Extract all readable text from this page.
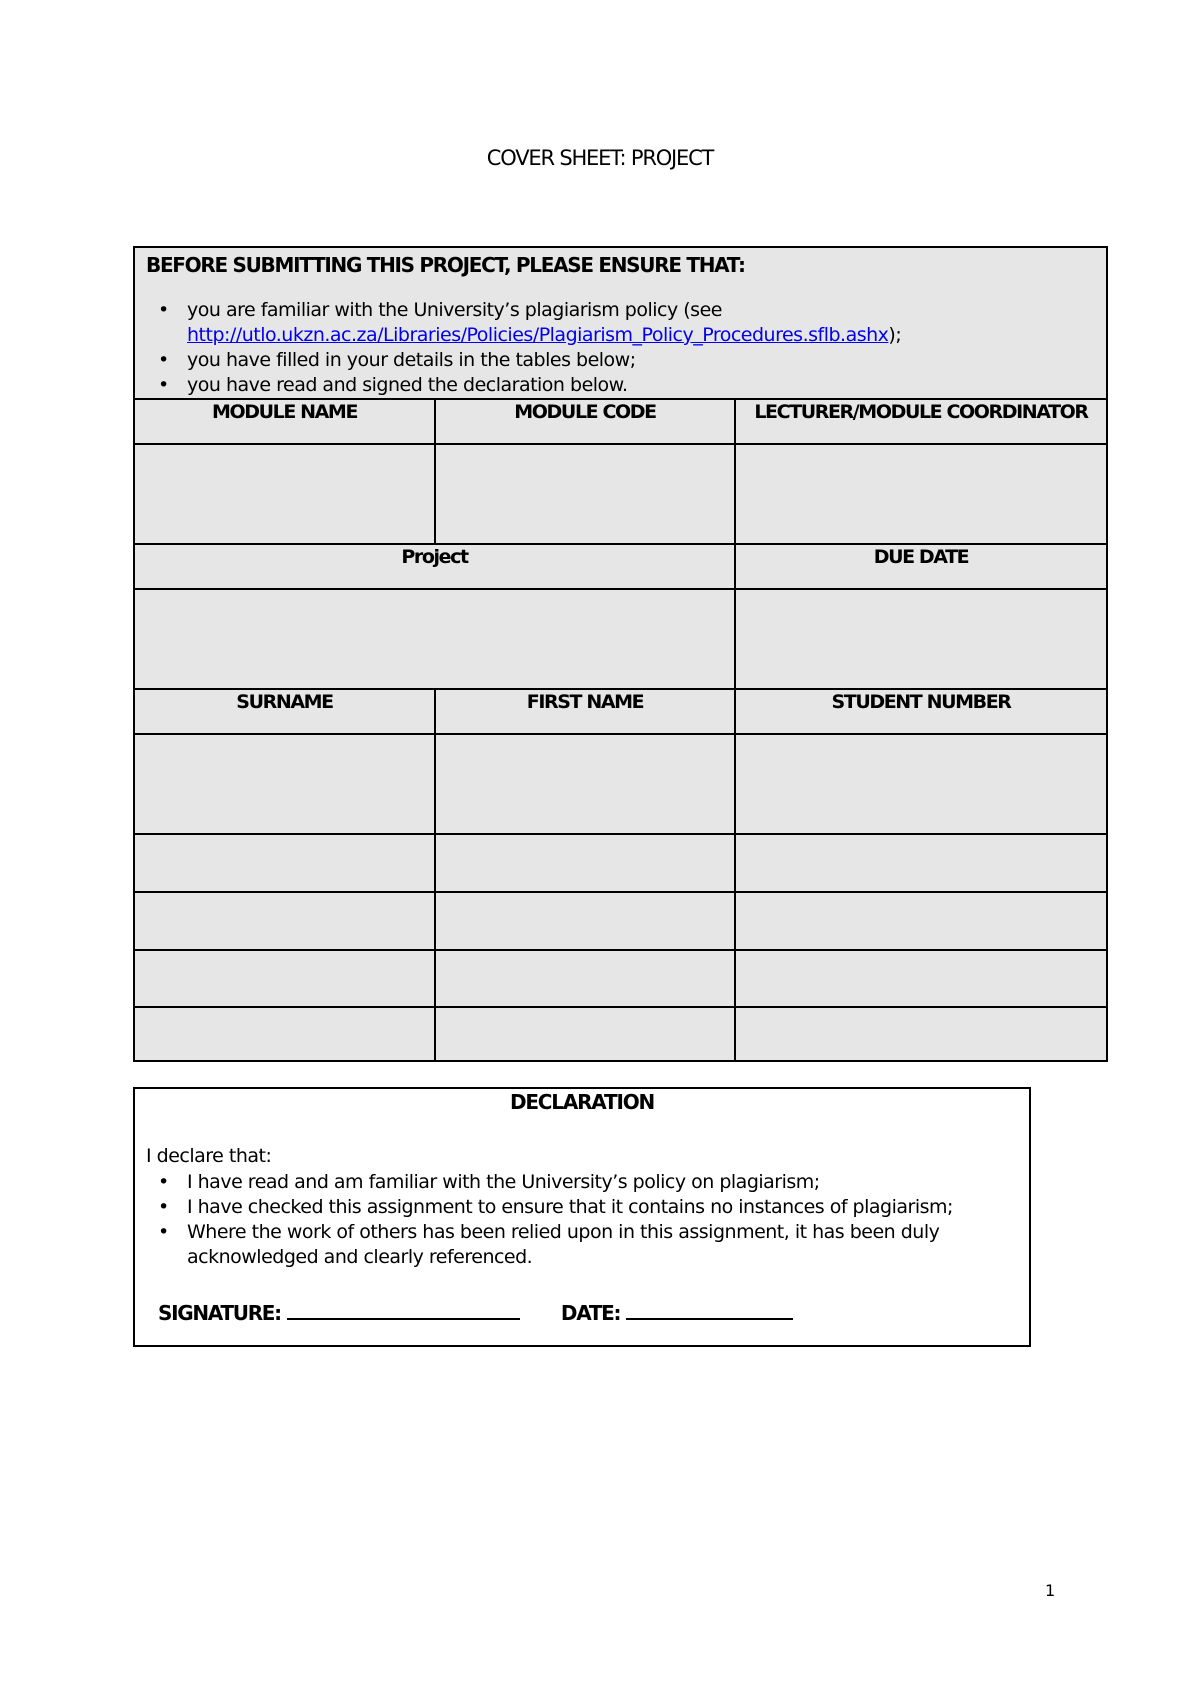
COVER SHEET: PROJECT
BEFORE SUBMITTING THIS PROJECT, PLEASE ENSURE THAT:
• you are familiar with the University’s plagiarism policy (see
http://utlo.ukzn.ac.za/Libraries/Policies/Plagiarism_Policy_Procedures.sflb.ashx);
• you have filled in your details in the tables below;
• you have read and signed the declaration below.
MODULE NAME	MODULE CODE	LECTURER/MODULE COORDINATOR
Project	DUE DATE
SURNAME	FIRST NAME	STUDENT NUMBER
DECLARATION
I declare that:
• I have read and am familiar with the University’s policy on plagiarism;
• I have checked this assignment to ensure that it contains no instances of plagiarism;
• Where the work of others has been relied upon in this assignment, it has been duly acknowledged and clearly referenced.
SIGNATURE:	DATE:
1
